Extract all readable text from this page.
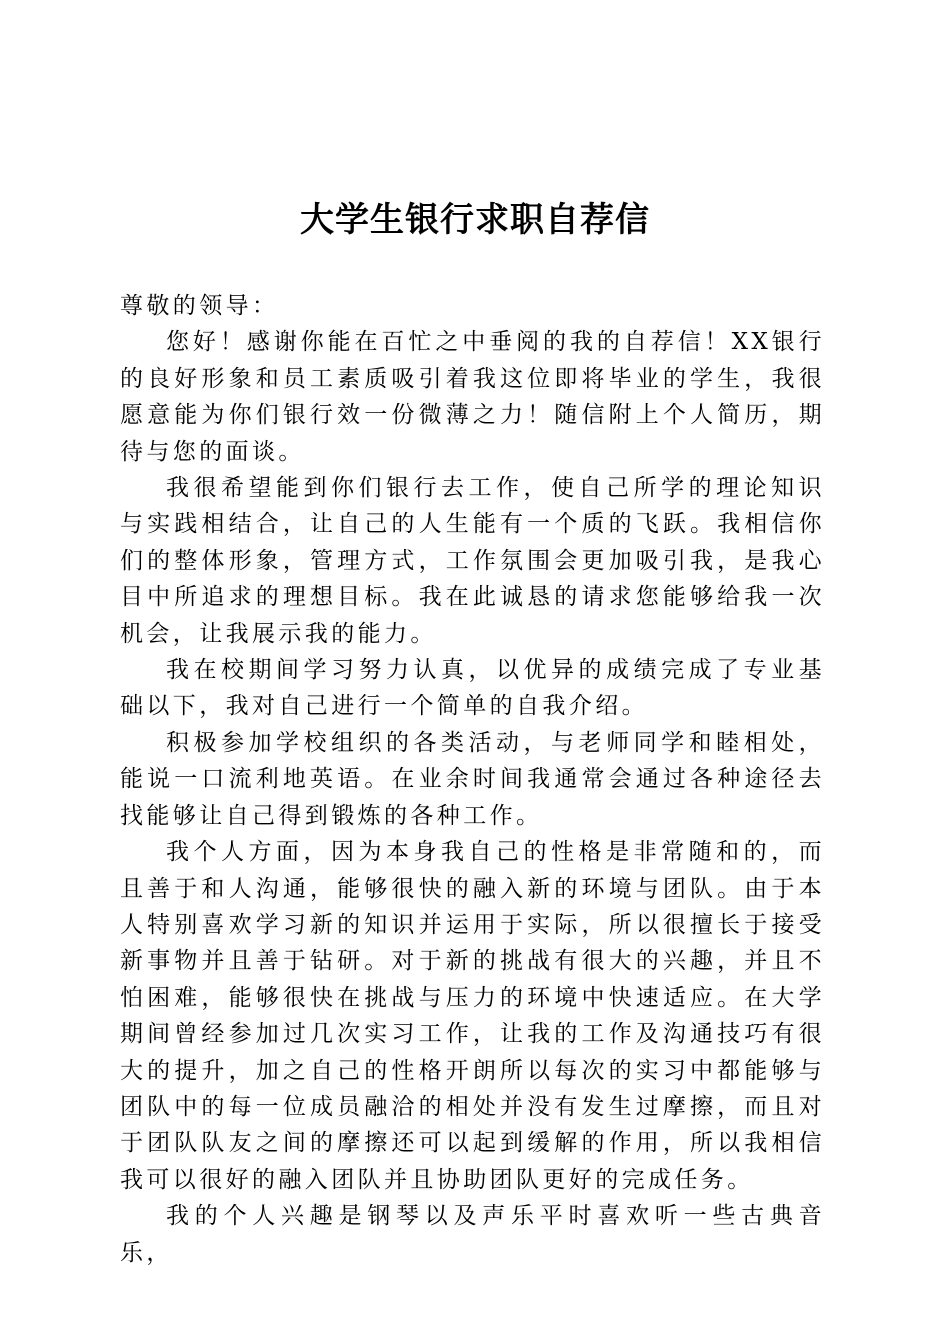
大学生银行求职自荐信

尊敬的领导：

您好！感谢你能在百忙之中垂阅的我的自荐信！XX银行的良好形象和员工素质吸引着我这位即将毕业的学生，我很愿意能为你们银行效一份微薄之力！随信附上个人简历，期待与您的面谈。

我很希望能到你们银行去工作，使自己所学的理论知识与实践相结合，让自己的人生能有一个质的飞跃。我相信你们的整体形象，管理方式，工作氛围会更加吸引我，是我心目中所追求的理想目标。我在此诚恳的请求您能够给我一次机会，让我展示我的能力。

我在校期间学习努力认真，以优异的成绩完成了专业基础以下，我对自己进行一个简单的自我介绍。

积极参加学校组织的各类活动，与老师同学和睦相处，能说一口流利地英语。在业余时间我通常会通过各种途径去找能够让自己得到锻炼的各种工作。

我个人方面，因为本身我自己的性格是非常随和的，而且善于和人沟通，能够很快的融入新的环境与团队。由于本人特别喜欢学习新的知识并运用于实际，所以很擅长于接受新事物并且善于钻研。对于新的挑战有很大的兴趣，并且不怕困难，能够很快在挑战与压力的环境中快速适应。在大学期间曾经参加过几次实习工作，让我的工作及沟通技巧有很大的提升，加之自己的性格开朗所以每次的实习中都能够与团队中的每一位成员融洽的相处并没有发生过摩擦，而且对于团队队友之间的摩擦还可以起到缓解的作用，所以我相信我可以很好的融入团队并且协助团队更好的完成任务。

我的个人兴趣是钢琴以及声乐平时喜欢听一些古典音乐，
